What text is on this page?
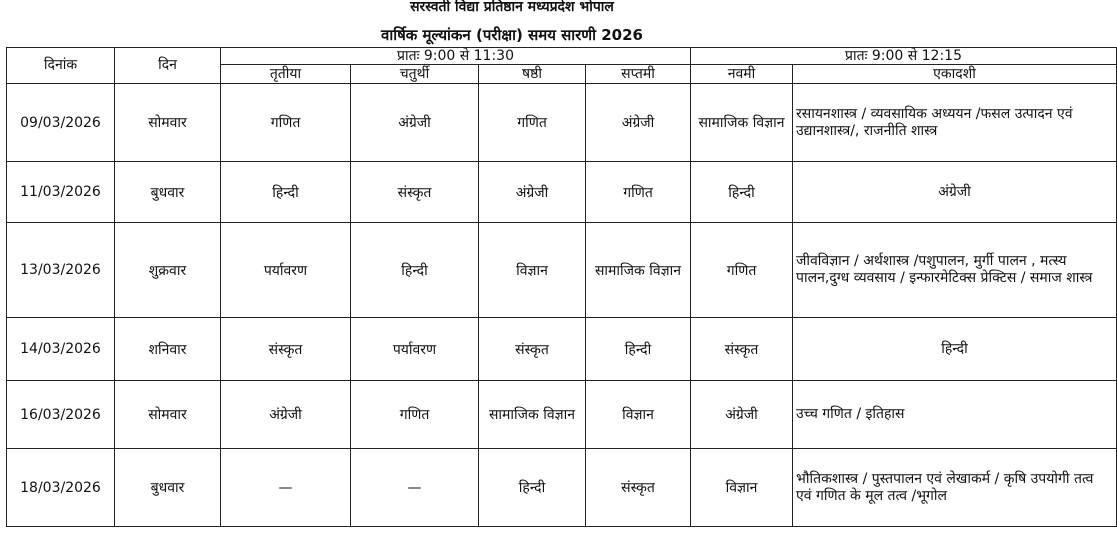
सरस्वती विद्या प्रतिष्ठान मध्यप्रदेश भोपाल
वार्षिक मूल्यांकन (परीक्षा) समय सारणी 2026
दिनांक	दिन	प्रातः 9:00 से 11:30				प्रातः 9:00 से 12:15	
		तृतीया	चतुर्थी	षष्ठी	सप्तमी	नवमी	एकादशी
09/03/2026	सोमवार	गणित	अंग्रेजी	गणित	अंग्रेजी	सामाजिक विज्ञान	रसायनशास्त्र / व्यवसायिक अध्ययन /फसल उत्पादन एवं उद्यानशास्त्र/, राजनीति शास्त्र
11/03/2026	बुधवार	हिन्दी	संस्कृत	अंग्रेजी	गणित	हिन्दी	अंग्रेजी
13/03/2026	शुक्रवार	पर्यावरण	हिन्दी	विज्ञान	सामाजिक विज्ञान	गणित	जीवविज्ञान / अर्थशास्त्र /पशुपालन, मुर्गी पालन , मत्स्य पालन,दुग्ध व्यवसाय / इन्फारमेटिक्स प्रेक्टिस / समाज शास्त्र
14/03/2026	शनिवार	संस्कृत	पर्यावरण	संस्कृत	हिन्दी	संस्कृत	हिन्दी
16/03/2026	सोमवार	अंग्रेजी	गणित	सामाजिक विज्ञान	विज्ञान	अंग्रेजी	उच्च गणित / इतिहास
18/03/2026	बुधवार	—	—	हिन्दी	संस्कृत	विज्ञान	भौतिकशास्त्र / पुस्तपालन एवं लेखाकर्म / कृषि उपयोगी तत्व एवं गणित के मूल तत्व /भूगोल
